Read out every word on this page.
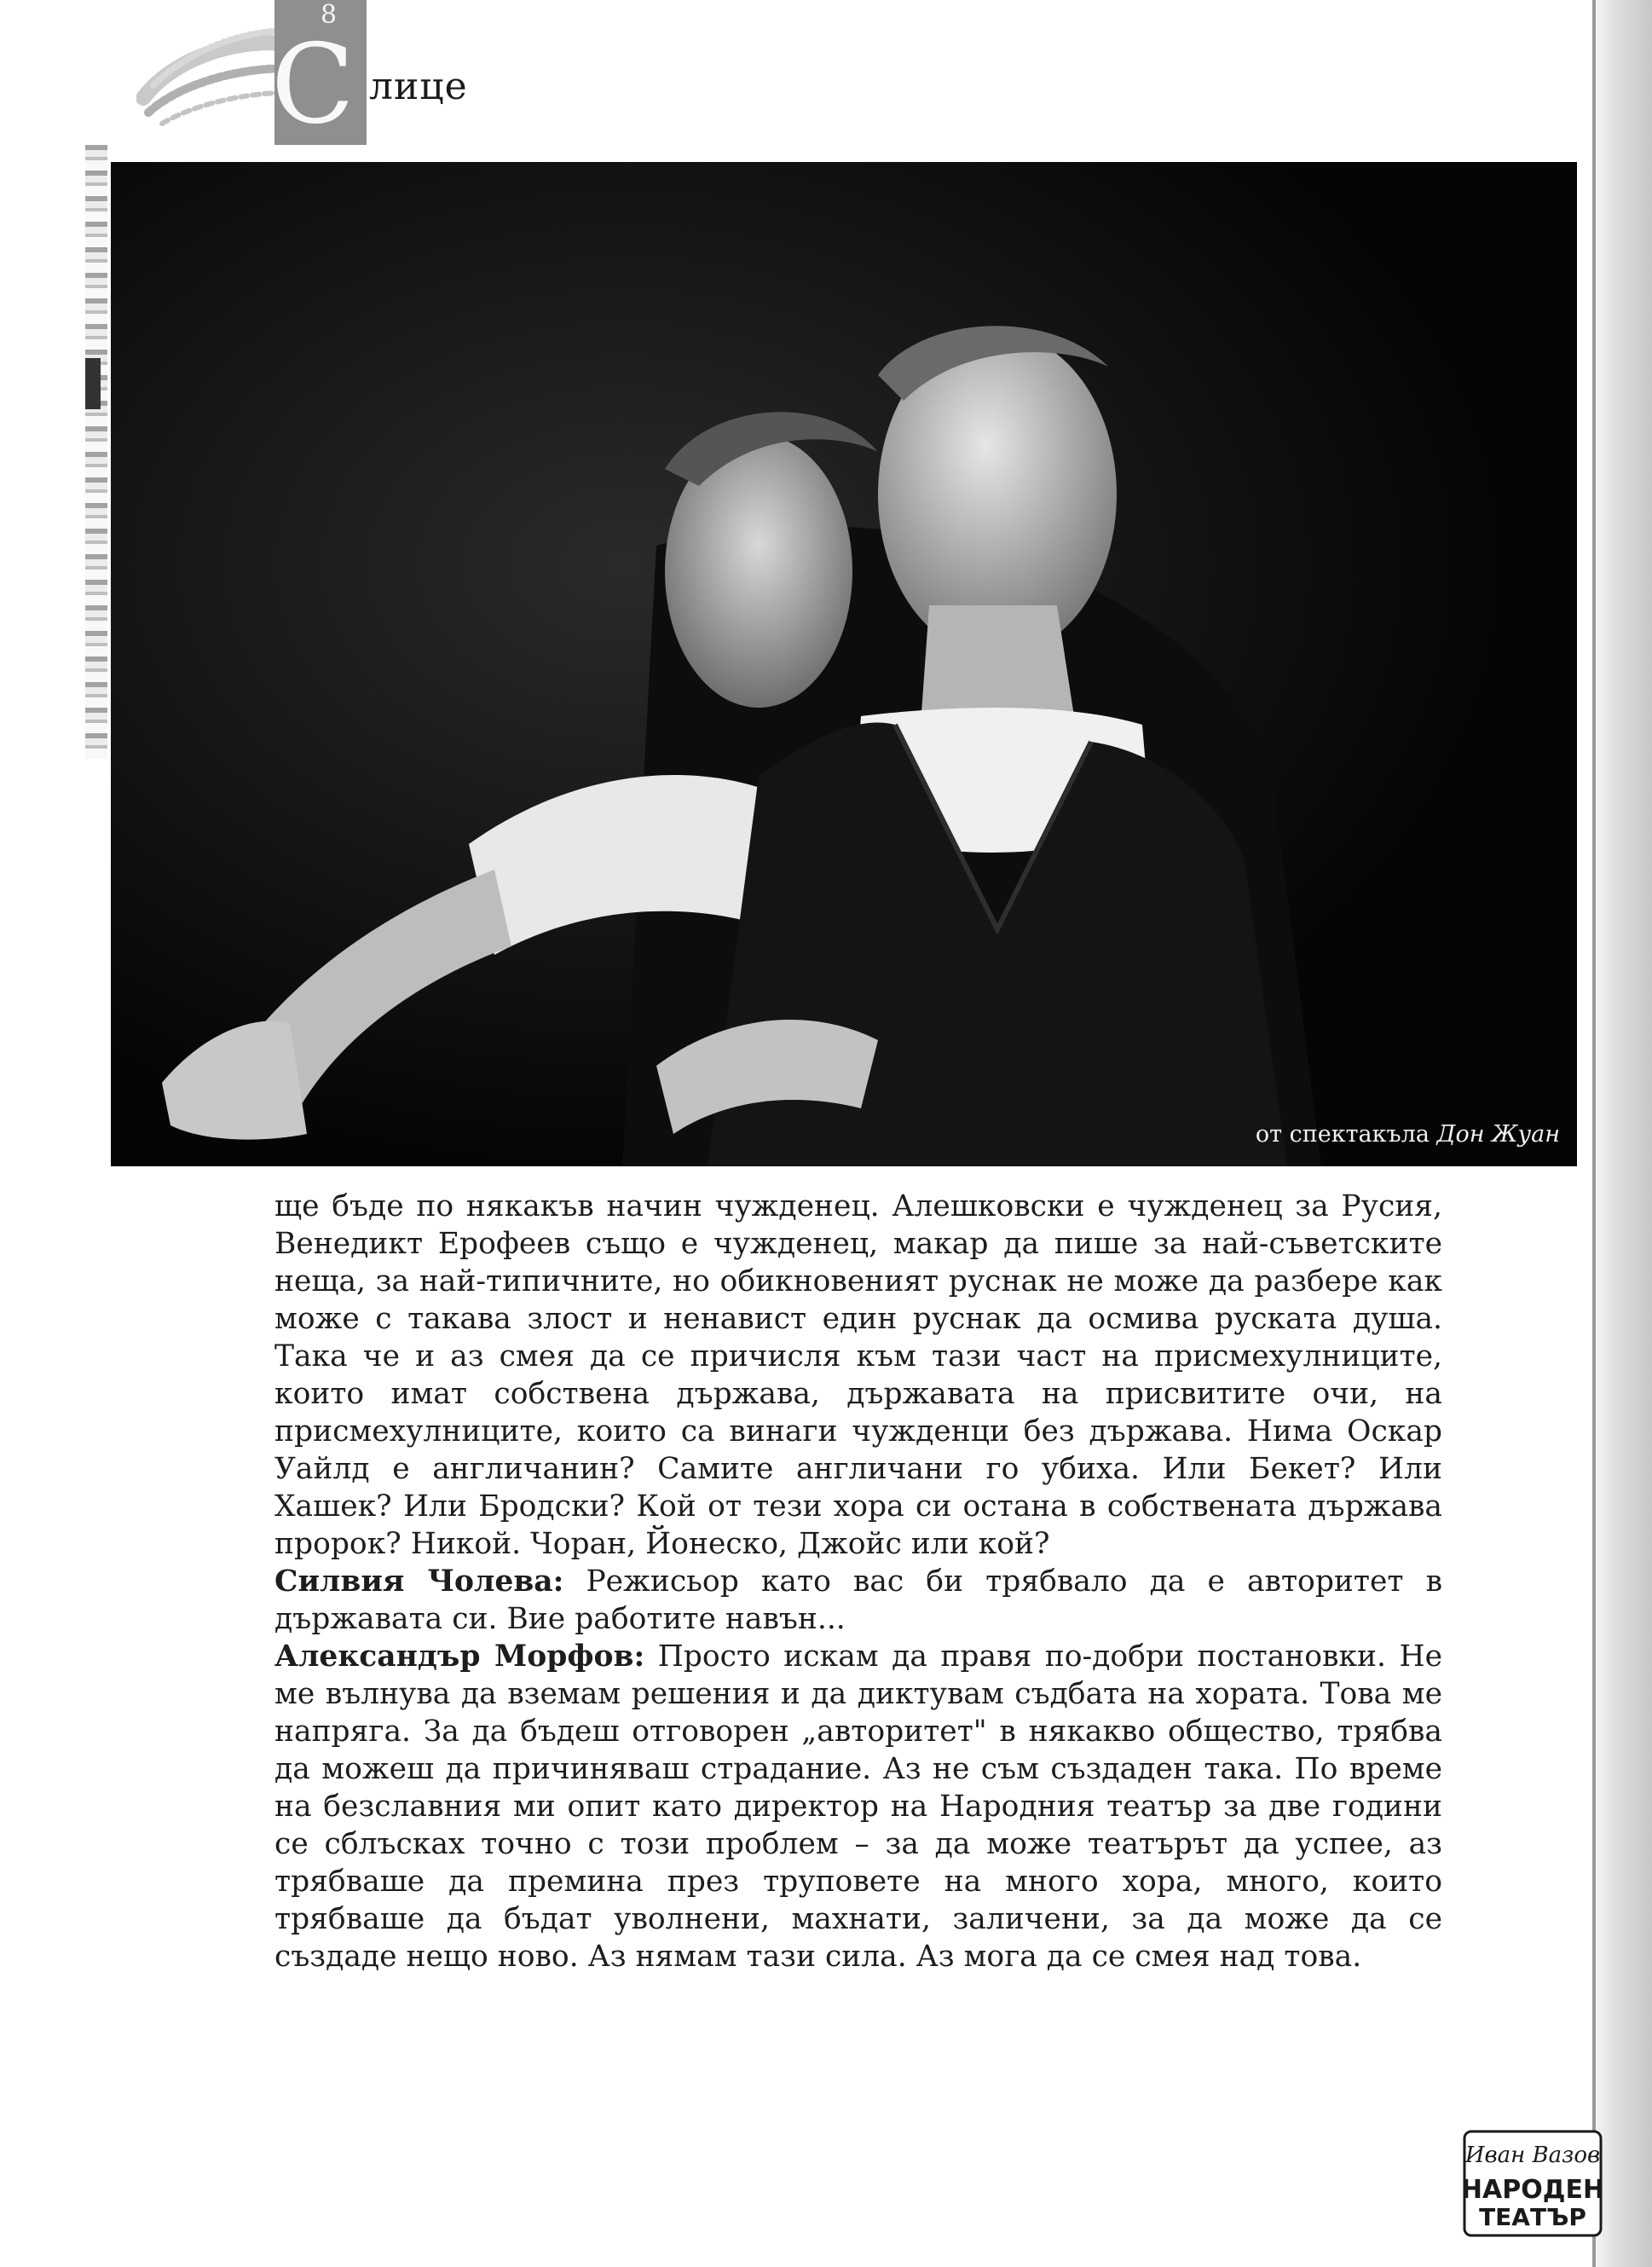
8
С лице
от спектакъла Дон Жуан

ще бъде по някакъв начин чужденец. Алешковски е чужденец за Русия, Венедикт Ерофеев също е чужденец, макар да пише за най-съветските неща, за най-типичните, но обикновеният руснак не може да разбере как може с такава злост и ненавист един руснак да осмива руската душа. Така че и аз смея да се причисля към тази част на присмехулниците, които имат собствена държава, държавата на присвитите очи, на присмехулниците, които са винаги чужденци без държава. Нима Оскар Уайлд е англичанин? Самите англичани го убиха. Или Бекет? Или Хашек? Или Бродски? Кой от тези хора си остана в собствената държава пророк? Никой. Чоран, Йонеско, Джойс или кой?

Силвия Чолева: Режисьор като вас би трябвало да е авторитет в държавата си. Вие работите навън...

Александър Морфов: Просто искам да правя по-добри постановки. Не ме вълнува да вземам решения и да диктувам съдбата на хората. Това ме напряга. За да бъдеш отговорен „авторитет" в някакво общество, трябва да можеш да причиняваш страдание. Аз не съм създаден така. По време на безславния ми опит като директор на Народния театър за две години се сблъсках точно с този проблем – за да може театърът да успее, аз трябваше да премина през труповете на много хора, много, които трябваше да бъдат уволнени, махнати, заличени, за да може да се създаде нещо ново. Аз нямам тази сила. Аз мога да се смея над това.

Иван Вазов
НАРОДЕН
ТЕАТЪР
